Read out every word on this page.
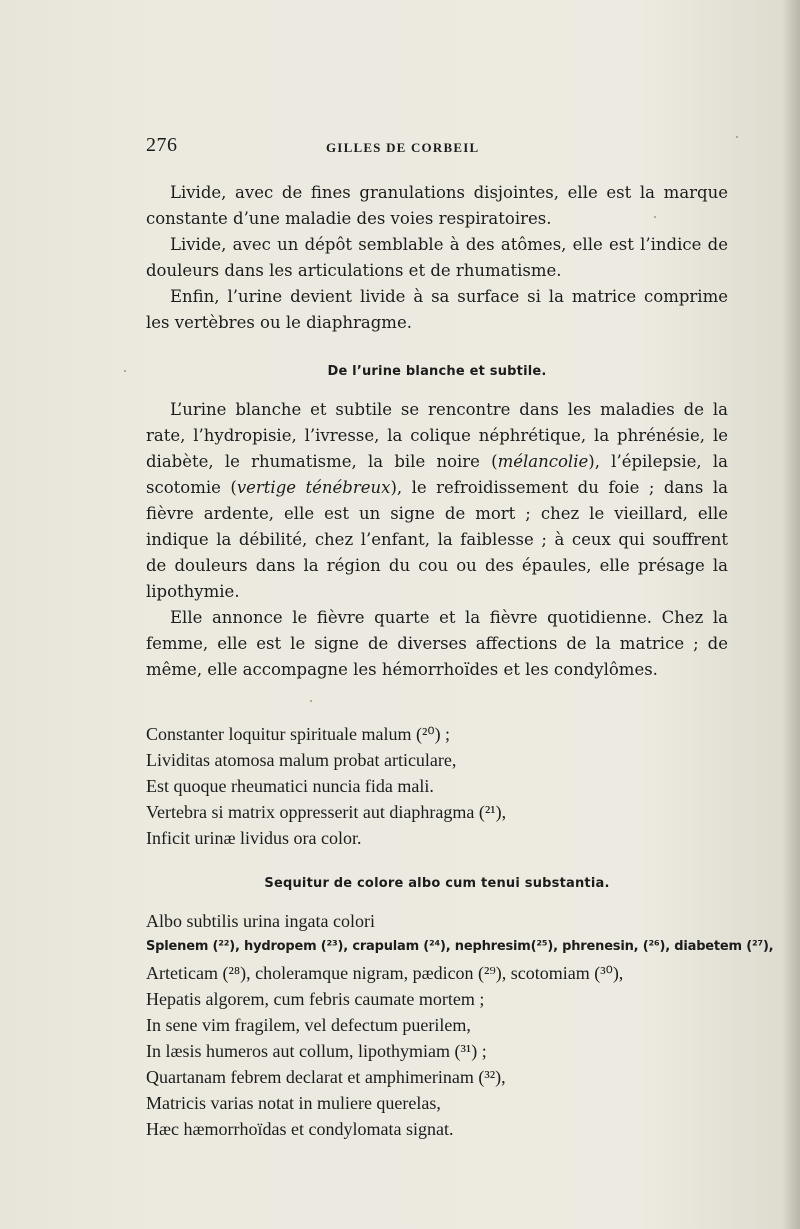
276	GILLES DE CORBEIL

Livide, avec de fines granulations disjointes, elle est la marque constante d’une maladie des voies respiratoires.

Livide, avec un dépôt semblable à des atômes, elle est l’indice de douleurs dans les articulations et de rhumatisme.

Enfin, l’urine devient livide à sa surface si la matrice comprime les vertèbres ou le diaphragme.

De l’urine blanche et subtile.

L’urine blanche et subtile se rencontre dans les maladies de la rate, l’hydropisie, l’ivresse, la colique néphrétique, la phrénésie, le diabète, le rhumatisme, la bile noire (mélancolie), l’épilepsie, la scotomie (vertige ténébreux), le refroidissement du foie ; dans la fièvre ardente, elle est un signe de mort ; chez le vieillard, elle indique la débilité, chez l’enfant, la faiblesse ; à ceux qui souffrent de douleurs dans la région du cou ou des épaules, elle présage la lipothymie.

Elle annonce le fièvre quarte et la fièvre quotidienne. Chez la femme, elle est le signe de diverses affections de la matrice ; de même, elle accompagne les hémorrhoïdes et les condylômes.

Constanter loquitur spirituale malum (²⁰) ;
Lividitas atomosa malum probat articulare,
Est quoque rheumatici nuncia fida mali.
Vertebra si matrix oppresserit aut diaphragma (²¹),
Inficit urinæ lividus ora color.
Sequitur de colore albo cum tenui substantia.
Albo subtilis urina ingata colori
Splenem (²²), hydropem (²³), crapulam (²⁴), nephresim(²⁵), phrenesin, (²⁶), diabetem (²⁷),
Arteticam (²⁸), choleramque nigram, pædicon (²⁹), scotomiam (³⁰),
Hepatis algorem, cum febris caumate mortem ;
In sene vim fragilem, vel defectum puerilem,
In læsis humeros aut collum, lipothymiam (³¹) ;
Quartanam febrem declarat et amphimerinam (³²),
Matricis varias notat in muliere querelas,
Hæc hæmorrhoïdas et condylomata signat.
